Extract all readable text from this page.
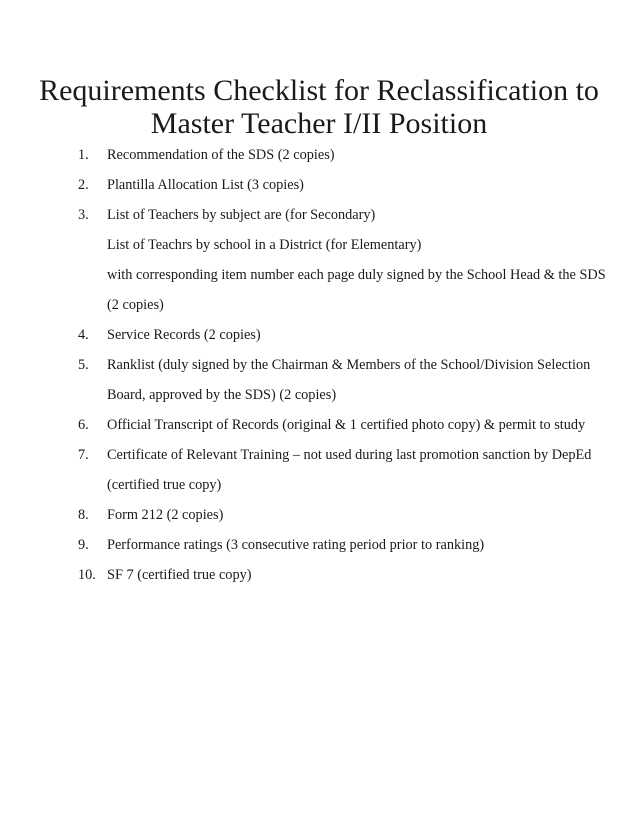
Requirements Checklist for Reclassification to
Master Teacher I/II Position
1.	Recommendation of the SDS (2 copies)
2.	Plantilla Allocation List (3 copies)
3.	List of Teachers by subject are (for Secondary)
List of Teachrs by school in a District (for Elementary)
with corresponding item number each page duly signed by the School Head & the SDS
(2 copies)
4.	Service Records (2 copies)
5.	Ranklist (duly signed by the Chairman & Members of the School/Division Selection
Board, approved by the SDS) (2 copies)
6.	Official Transcript of Records (original & 1 certified photo copy) & permit to study
7.	Certificate of Relevant Training – not used during last promotion sanction by DepEd
(certified true copy)
8.	Form 212 (2 copies)
9.	Performance ratings (3 consecutive rating period prior to ranking)
10. SF 7 (certified true copy)
